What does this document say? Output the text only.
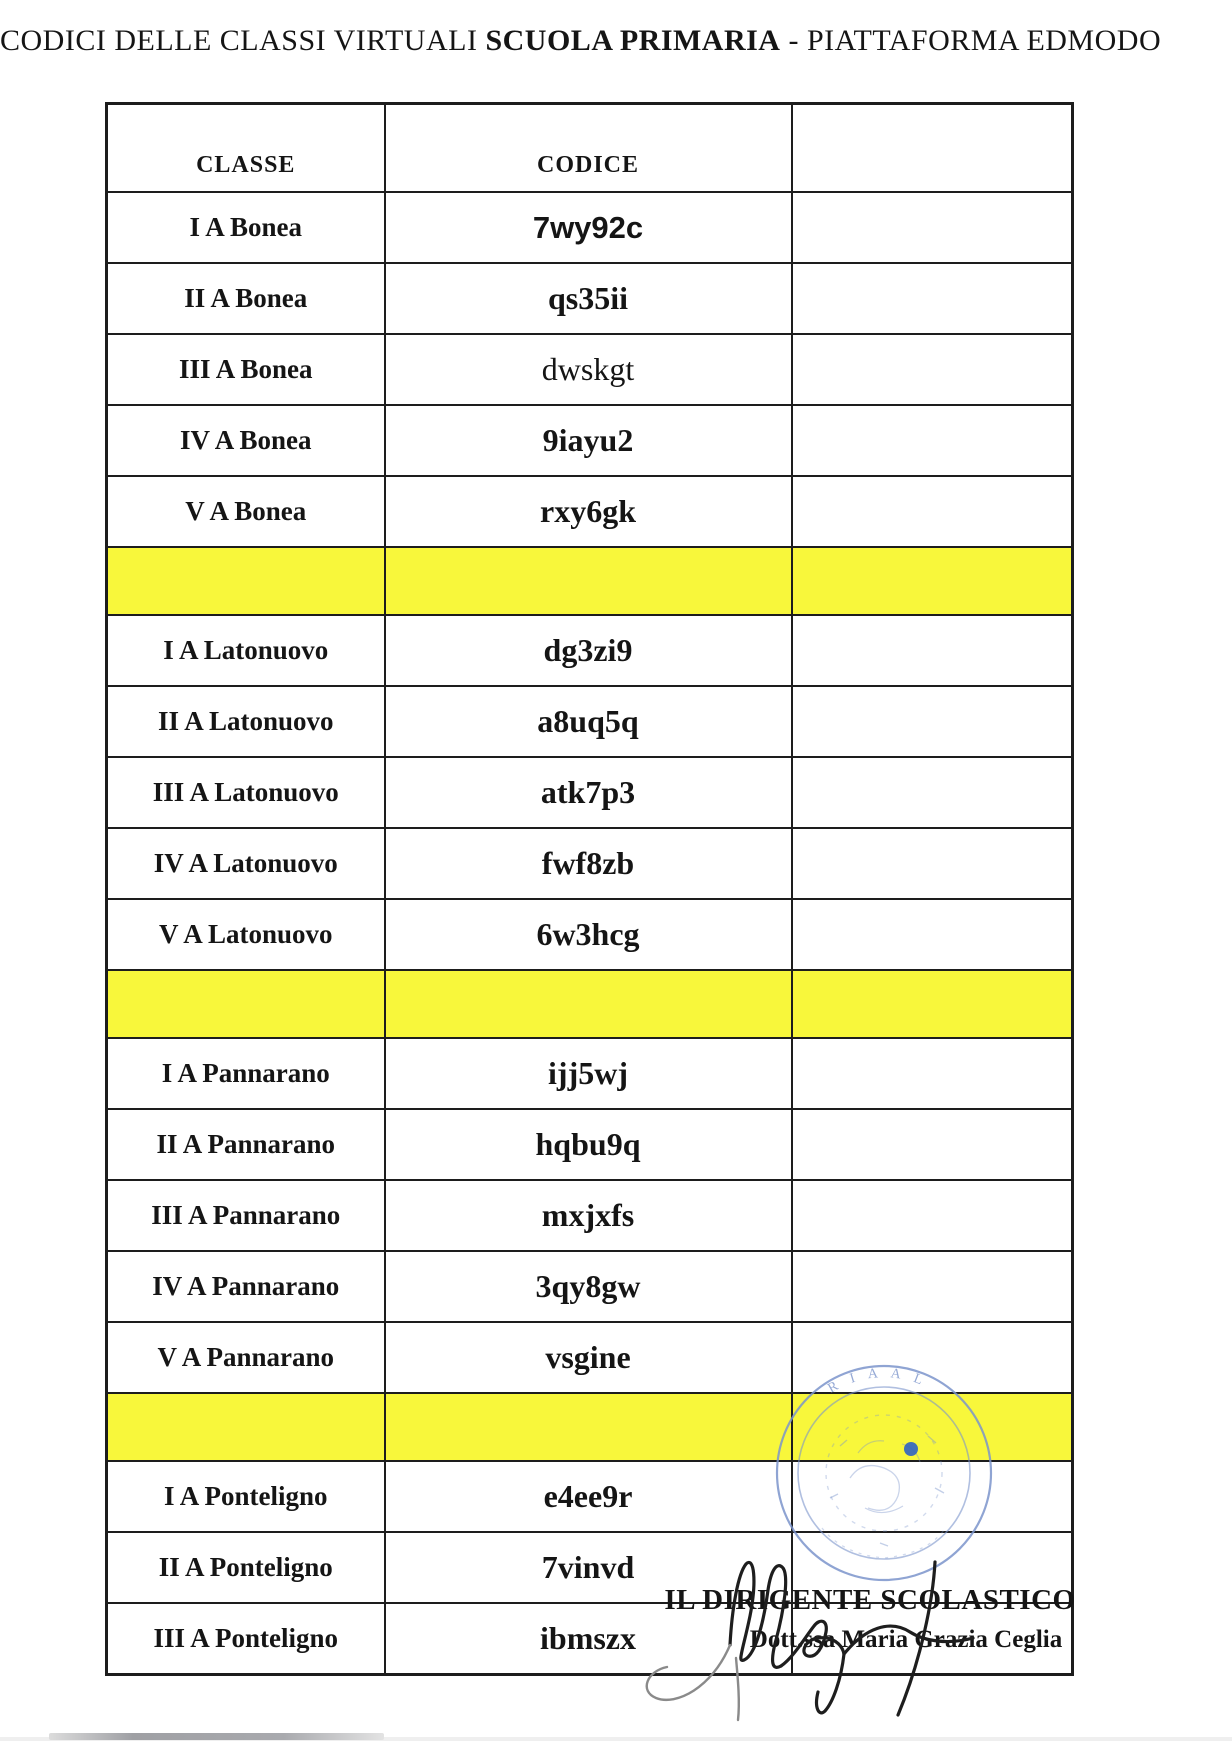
CODICI DELLE CLASSI VIRTUALI SCUOLA PRIMARIA - PIATTAFORMA EDMODO
CLASSE	CODICE	
I A Bonea	7wy92c	
II A Bonea	qs35ii	
III A Bonea	dwskgt	
IV A Bonea	9iayu2	
V A Bonea	rxy6gk	

I A Latonuovo	dg3zi9	
II A Latonuovo	a8uq5q	
III A Latonuovo	atk7p3	
IV A Latonuovo	fwf8zb	
V A Latonuovo	6w3hcg	

I A Pannarano	ijj5wj	
II A Pannarano	hqbu9q	
III A Pannarano	mxjxfs	
IV A Pannarano	3qy8gw	
V A Pannarano	vsgine	

I A Ponteligno	e4ee9r	
II A Ponteligno	7vinvd	
III A Ponteligno	ibmszx	
R I A A L
IL DIRIGENTE SCOLASTICO
Dott.ssa Maria Grazia Ceglia
